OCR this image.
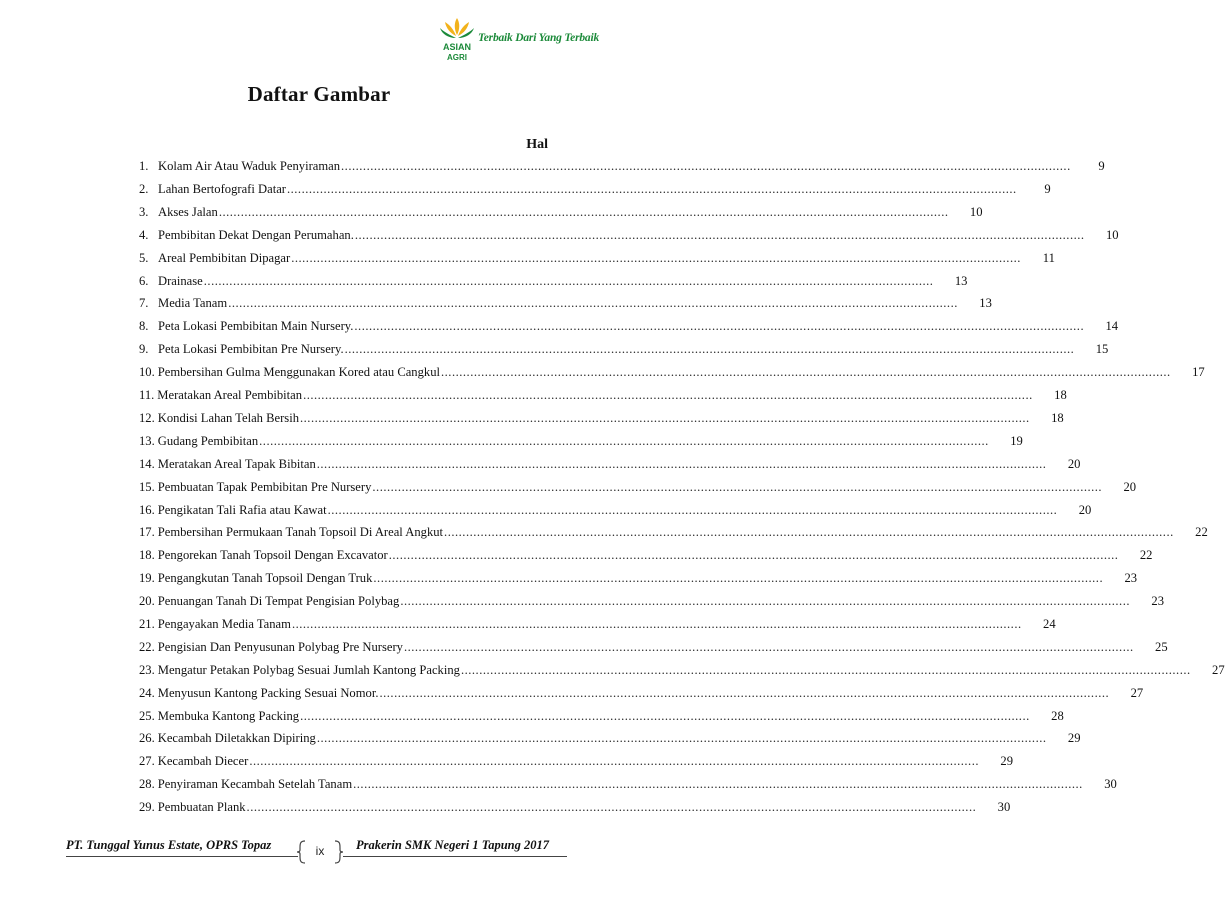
ASIAN
AGRI
Terbaik Dari Yang Terbaik
Daftar Gambar
Hal
1. Kolam Air Atau Waduk Penyiraman ........................................................................................................................................................................................................	9
2. Lahan Bertofografi Datar ........................................................................................................................................................................................................	9
3. Akses Jalan ........................................................................................................................................................................................................	10
4. Pembibitan Dekat Dengan Perumahan. ........................................................................................................................................................................................................	10
5. Areal Pembibitan Dipagar ........................................................................................................................................................................................................	11
6. Drainase ........................................................................................................................................................................................................	13
7. Media Tanam ........................................................................................................................................................................................................	13
8. Peta Lokasi Pembibitan Main Nursery. ........................................................................................................................................................................................................	14
9. Peta Lokasi Pembibitan Pre Nursery. ........................................................................................................................................................................................................	15
10. Pembersihan Gulma Menggunakan Kored atau Cangkul ........................................................................................................................................................................................................	17
11. Meratakan Areal Pembibitan ........................................................................................................................................................................................................	18
12. Kondisi Lahan Telah Bersih ........................................................................................................................................................................................................	18
13. Gudang Pembibitan ........................................................................................................................................................................................................	19
14. Meratakan Areal Tapak Bibitan ........................................................................................................................................................................................................	20
15. Pembuatan Tapak Pembibitan Pre Nursery ........................................................................................................................................................................................................	20
16. Pengikatan Tali Rafia atau Kawat ........................................................................................................................................................................................................	20
17. Pembersihan Permukaan Tanah Topsoil Di Areal Angkut ........................................................................................................................................................................................................	22
18. Pengorekan Tanah Topsoil Dengan Excavator ........................................................................................................................................................................................................	22
19. Pengangkutan Tanah Topsoil Dengan Truk ........................................................................................................................................................................................................	23
20. Penuangan Tanah Di Tempat Pengisian Polybag ........................................................................................................................................................................................................	23
21. Pengayakan Media Tanam ........................................................................................................................................................................................................	24
22. Pengisian Dan Penyusunan Polybag Pre Nursery ........................................................................................................................................................................................................	25
23. Mengatur Petakan Polybag Sesuai Jumlah Kantong Packing ........................................................................................................................................................................................................	27
24. Menyusun Kantong Packing Sesuai Nomor. ........................................................................................................................................................................................................	27
25. Membuka Kantong Packing ........................................................................................................................................................................................................	28
26. Kecambah Diletakkan Dipiring ........................................................................................................................................................................................................	29
27. Kecambah Diecer ........................................................................................................................................................................................................	29
28. Penyiraman Kecambah Setelah Tanam ........................................................................................................................................................................................................	30
29. Pembuatan Plank ........................................................................................................................................................................................................	30
PT. Tunggal Yunus Estate, OPRS Topaz	Prakerin SMK Negeri 1 Tapung 2017
ix
